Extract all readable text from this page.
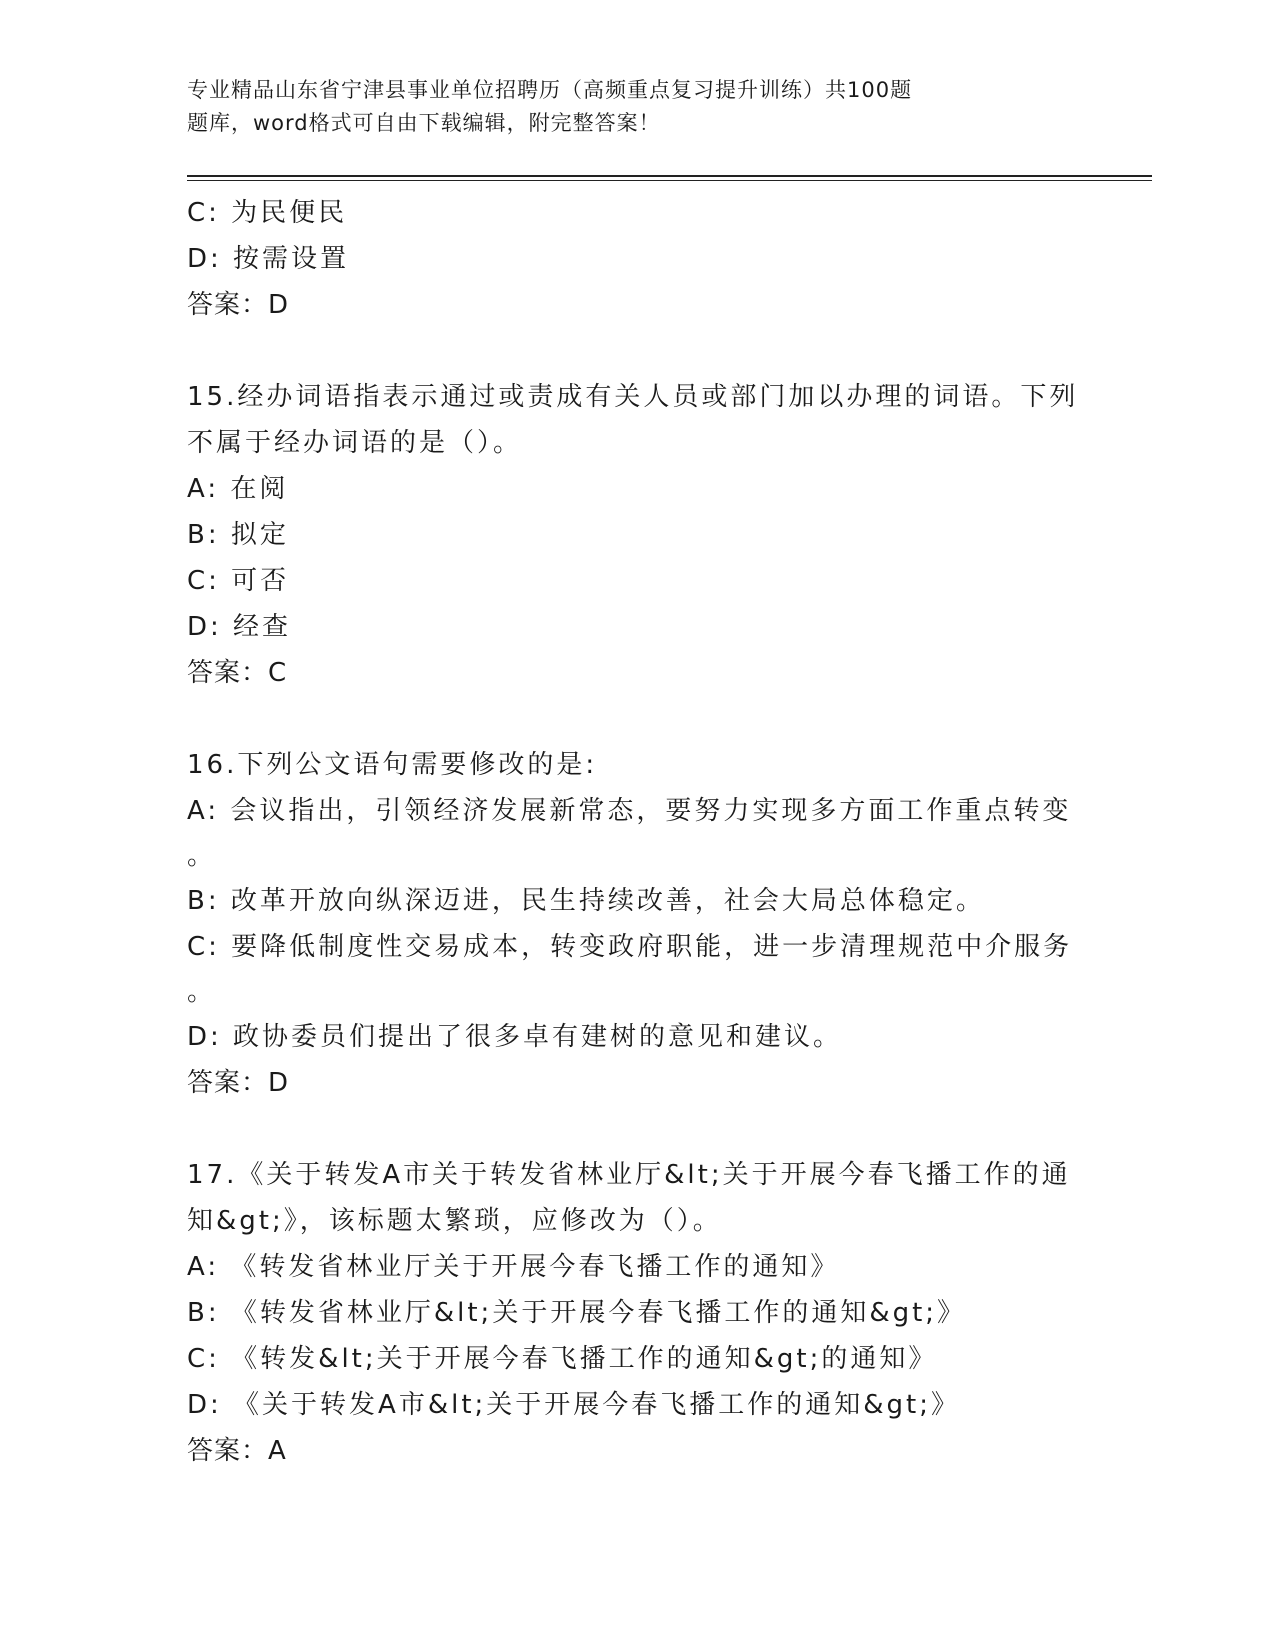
专业精品山东省宁津县事业单位招聘历（高频重点复习提升训练）共100题
题库，word格式可自由下载编辑，附完整答案！
C: 为民便民
D: 按需设置
答案：D
15.经办词语指表示通过或责成有关人员或部门加以办理的词语。下列
不属于经办词语的是（）。
A: 在阅
B: 拟定
C: 可否
D: 经查
答案：C
16.下列公文语句需要修改的是:
A: 会议指出，引领经济发展新常态，要努力实现多方面工作重点转变
。
B: 改革开放向纵深迈进，民生持续改善，社会大局总体稳定。
C: 要降低制度性交易成本，转变政府职能，进一步清理规范中介服务
。
D: 政协委员们提出了很多卓有建树的意见和建议。
答案：D
17.《关于转发A市关于转发省林业厅&lt;关于开展今春飞播工作的通
知&gt;》，该标题太繁琐，应修改为（）。
A: 《转发省林业厅关于开展今春飞播工作的通知》
B: 《转发省林业厅&lt;关于开展今春飞播工作的通知&gt;》
C: 《转发&lt;关于开展今春飞播工作的通知&gt;的通知》
D: 《关于转发A市&lt;关于开展今春飞播工作的通知&gt;》
答案：A
